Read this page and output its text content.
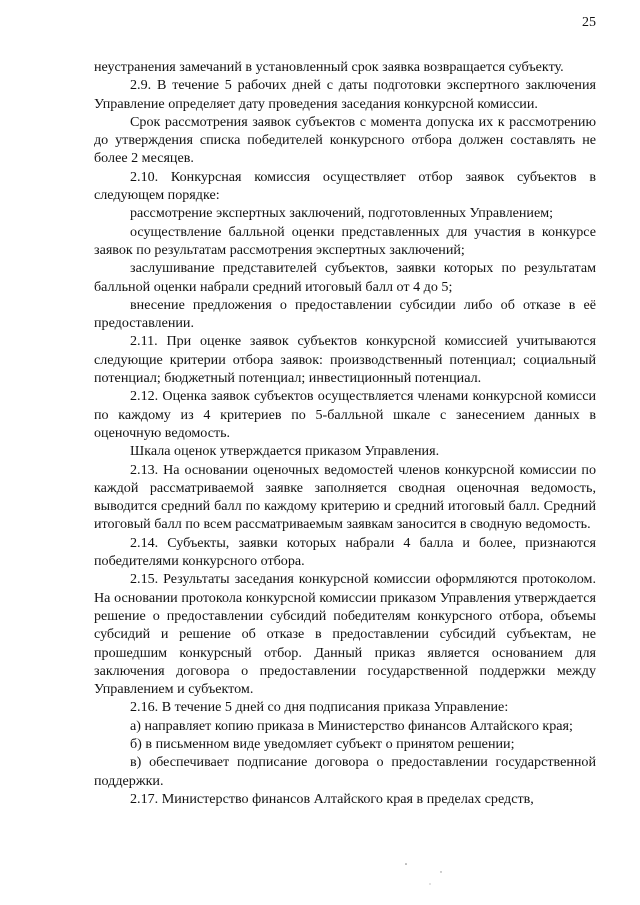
25

неустранения замечаний в установленный срок заявка возвращается субъекту.

2.9. В течение 5 рабочих дней с даты подготовки экспертного заключения Управление определяет дату проведения заседания конкурсной комиссии.

Срок рассмотрения заявок субъектов с момента допуска их к рассмотрению до утверждения списка победителей конкурсного отбора должен составлять не более 2 месяцев.

2.10. Конкурсная комиссия осуществляет отбор заявок субъектов в следующем порядке:

рассмотрение экспертных заключений, подготовленных Управлением;

осуществление балльной оценки представленных для участия в конкурсе заявок по результатам рассмотрения экспертных заключений;

заслушивание представителей субъектов, заявки которых по результатам балльной оценки набрали средний итоговый балл от 4 до 5;

внесение предложения о предоставлении субсидии либо об отказе в её предоставлении.

2.11. При оценке заявок субъектов конкурсной комиссией учитываются следующие критерии отбора заявок: производственный потенциал; социальный потенциал; бюджетный потенциал; инвестиционный потенциал.

2.12. Оценка заявок субъектов осуществляется членами конкурсной комисси по каждому из 4 критериев по 5-балльной шкале с занесением данных в оценочную ведомость.

Шкала оценок утверждается приказом Управления.

2.13. На основании оценочных ведомостей членов конкурсной комиссии по каждой рассматриваемой заявке заполняется сводная оценочная ведомость, выводится средний балл по каждому критерию и средний итоговый балл. Средний итоговый балл по всем рассматриваемым заявкам заносится в сводную ведомость.

2.14. Субъекты, заявки которых набрали 4 балла и более, признаются победителями конкурсного отбора.

2.15. Результаты заседания конкурсной комиссии оформляются протоколом. На основании протокола конкурсной комиссии приказом Управления утверждается решение о предоставлении субсидий победителям конкурсного отбора, объемы субсидий и решение об отказе в предоставлении субсидий субъектам, не прошедшим конкурсный отбор. Данный приказ является основанием для заключения договора о предоставлении государственной поддержки между Управлением и субъектом.

2.16. В течение 5 дней со дня подписания приказа Управление:

а) направляет копию приказа в Министерство финансов Алтайского края;

б) в письменном виде уведомляет субъект о принятом решении;

в) обеспечивает подписание договора о предоставлении государственной поддержки.

2.17. Министерство финансов Алтайского края в пределах средств,
